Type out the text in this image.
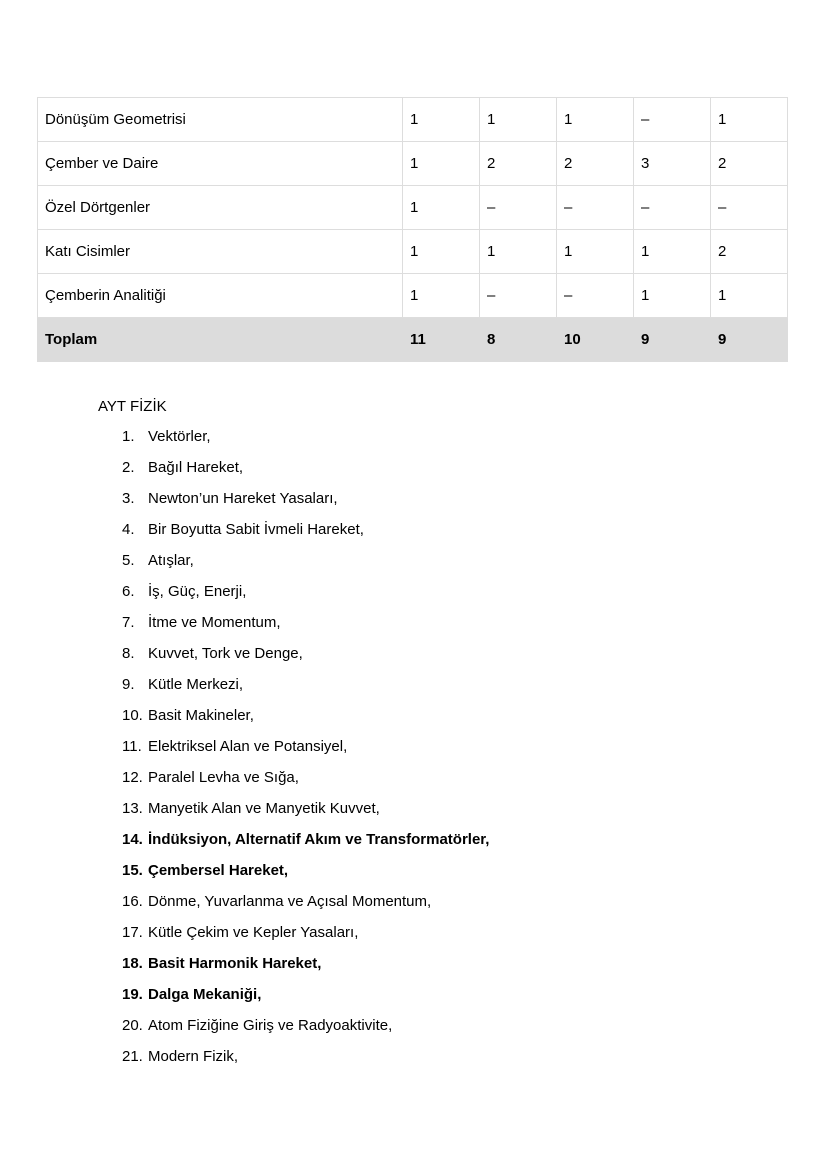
Dönüşüm Geometrisi	1	1	1	–	1
Çember ve Daire	1	2	2	3	2
Özel Dörtgenler	1	–	–	–	–
Katı Cisimler	1	1	1	1	2
Çemberin Analitiği	1	–	–	1	1
Toplam	11	8	10	9	9
AYT FİZİK
1. Vektörler,
2. Bağıl Hareket,
3. Newton’un Hareket Yasaları,
4. Bir Boyutta Sabit İvmeli Hareket,
5. Atışlar,
6. İş, Güç, Enerji,
7. İtme ve Momentum,
8. Kuvvet, Tork ve Denge,
9. Kütle Merkezi,
10. Basit Makineler,
11. Elektriksel Alan ve Potansiyel,
12. Paralel Levha ve Sığa,
13. Manyetik Alan ve Manyetik Kuvvet,
14. İndüksiyon, Alternatif Akım ve Transformatörler,
15. Çembersel Hareket,
16. Dönme, Yuvarlanma ve Açısal Momentum,
17. Kütle Çekim ve Kepler Yasaları,
18. Basit Harmonik Hareket,
19. Dalga Mekaniği,
20. Atom Fiziğine Giriş ve Radyoaktivite,
21. Modern Fizik,
